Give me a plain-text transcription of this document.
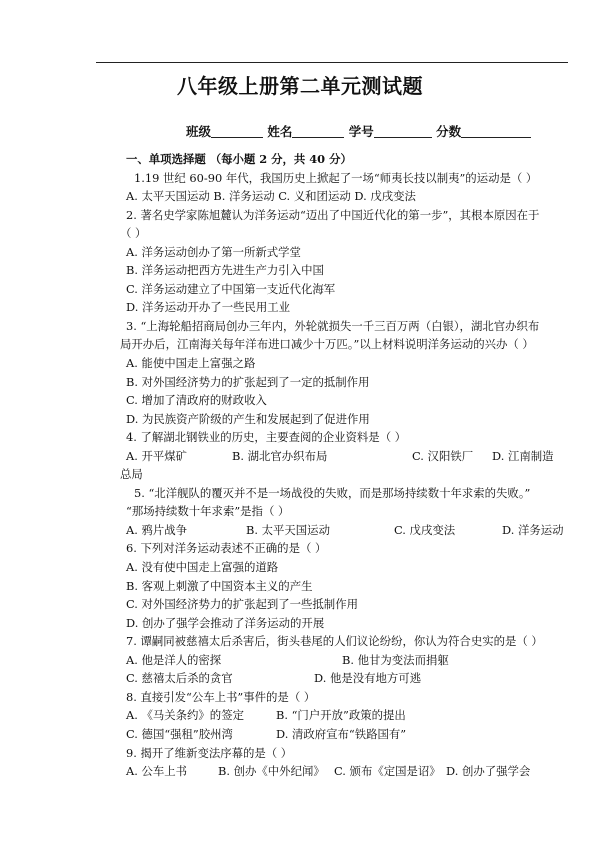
八年级上册第二单元测试题
班级	姓名	学号	分数
一、单项选择题 （每小题 2 分，共 40 分）
1.19 世纪 60-90 年代，我国历史上掀起了一场“师夷长技以制夷”的运动是（ ）
A. 太平天国运动 B. 洋务运动 C. 义和团运动 D. 戊戌变法
2. 著名史学家陈旭麓认为洋务运动“迈出了中国近代化的第一步”，其根本原因在于
（ ）
A. 洋务运动创办了第一所新式学堂
B. 洋务运动把西方先进生产力引入中国
C. 洋务运动建立了中国第一支近代化海军
D. 洋务运动开办了一些民用工业
3. “上海轮船招商局创办三年内，外轮就损失一千三百万两（白银），湖北官办织布
局开办后，江南海关每年洋布进口减少十万匹。”以上材料说明洋务运动的兴办（ ）
A. 能使中国走上富强之路
B. 对外国经济势力的扩张起到了一定的抵制作用
C. 增加了清政府的财政收入
D. 为民族资产阶级的产生和发展起到了促进作用
4. 了解湖北钢铁业的历史，主要查阅的企业资料是（ ）
A. 开平煤矿	B. 湖北官办织布局	C. 汉阳铁厂 D. 江南制造
总局
5. “北洋舰队的覆灭并不是一场战役的失败，而是那场持续数十年求索的失败。”
“那场持续数十年求索”是指（ ）
A. 鸦片战争	B. 太平天国运动	C. 戊戌变法	D. 洋务运动
6. 下列对洋务运动表述不正确的是（ ）
A. 没有使中国走上富强的道路
B. 客观上刺激了中国资本主义的产生
C. 对外国经济势力的扩张起到了一些抵制作用
D. 创办了强学会推动了洋务运动的开展
7. 谭嗣同被慈禧太后杀害后，街头巷尾的人们议论纷纷，你认为符合史实的是（ ）
A. 他是洋人的密探	B. 他甘为变法而捐躯
C. 慈禧太后杀的贪官	D. 他是没有地方可逃
8. 直接引发“公车上书”事件的是（ ）
A. 《马关条约》的签定	B. “门户开放”政策的提出
C. 德国“强租”胶州湾	D. 清政府宣布“铁路国有”
9. 揭开了维新变法序幕的是（ ）
A. 公车上书	B. 创办《中外纪闻》 C. 颁布《定国是诏》 D. 创办了强学会
